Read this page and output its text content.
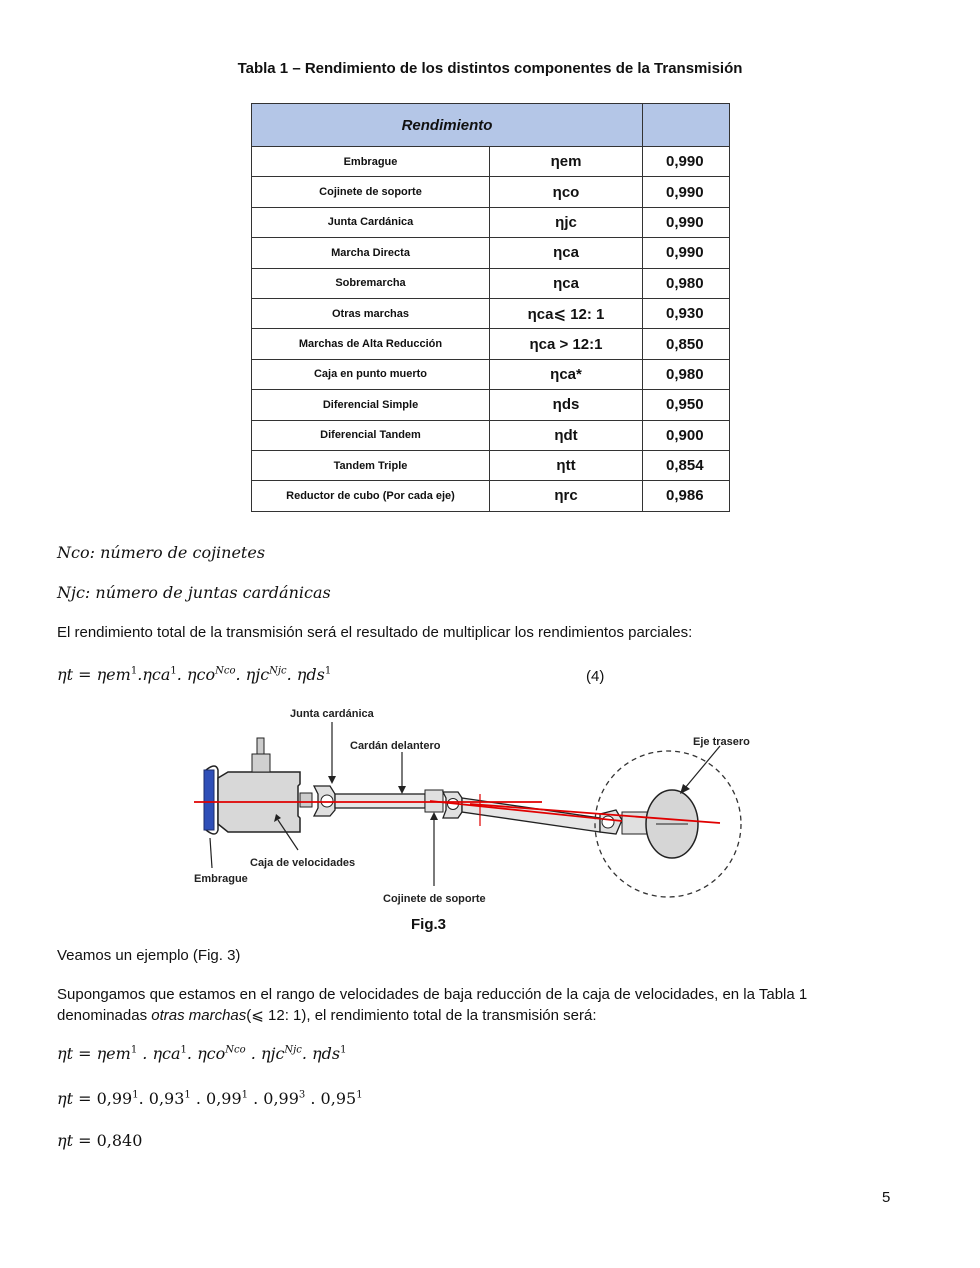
Tabla 1 – Rendimiento de los distintos componentes de la Transmisión
Rendimiento		
Embrague	ηem	0,990
Cojinete de soporte	ηco	0,990
Junta Cardánica	ηjc	0,990
Marcha Directa	ηca	0,990
Sobremarcha	ηca	0,980
Otras marchas	ηca⩽ 12: 1	0,930
Marchas de Alta Reducción	ηca > 12:1	0,850
Caja en punto muerto	ηca*	0,980
Diferencial Simple	ηds	0,950
Diferencial Tandem	ηdt	0,900
Tandem Triple	ηtt	0,854
Reductor de cubo (Por cada eje)	ηrc	0,986
Nco: número de cojinetes
Njc: número de juntas cardánicas
El rendimiento total de la transmisión será el resultado de multiplicar los rendimientos parciales:
ηt = ηem$^1$.ηca$^1$. ηco$^{Nco}$. ηjc$^{Njc}$. ηds$^1$	(4)
Junta cardánica
Cardán delantero	Eje trasero
Caja de velocidades
Embrague
Cojinete de soporte
Fig.3
Veamos un ejemplo (Fig. 3)
Supongamos que estamos en el rango de velocidades de baja reducción de la caja de velocidades, en la Tabla 1 denominadas otras marchas(⩽ 12: 1), el rendimiento total de la transmisión será:
ηt = ηem$^1$ . ηca$^1$. ηco$^{Nco}$ . ηjc$^{Njc}$. ηds$^1$
$\eta t = 0,99^1$. 0,93$^1$ . 0,99$^1$ . 0,99$^3$ . 0,95$^1$
ηt = 0,840
5
